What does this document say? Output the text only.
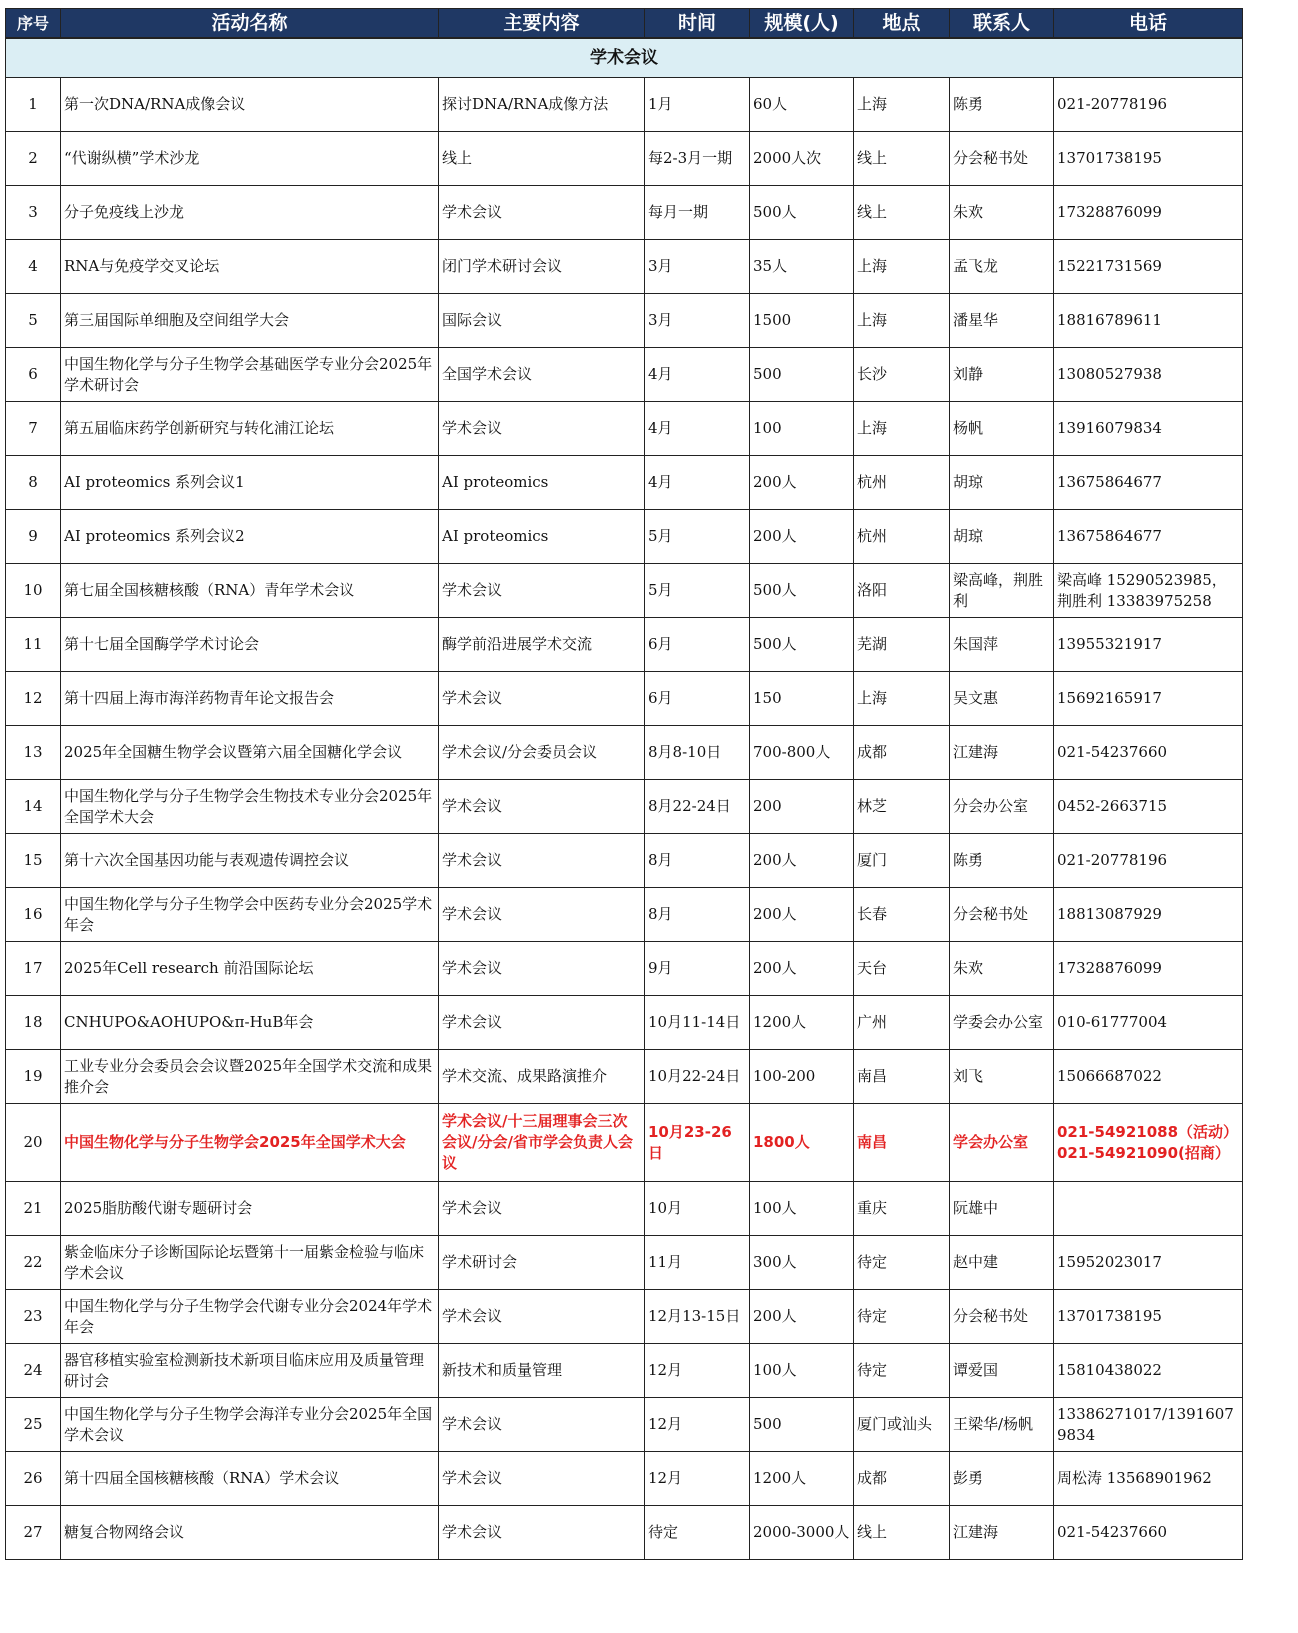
序号	活动名称	主要内容	时间	规模(人)	地点	联系人	电话
学术会议							
1	第一次DNA/RNA成像会议	探讨DNA/RNA成像方法	1月	60人	上海	陈勇	021-20778196
2	“代谢纵横”学术沙龙	线上	每2-3月一期	2000人次	线上	分会秘书处	13701738195
3	分子免疫线上沙龙	学术会议	每月一期	500人	线上	朱欢	17328876099
4	RNA与免疫学交叉论坛	闭门学术研讨会议	3月	35人	上海	孟飞龙	15221731569
5	第三届国际单细胞及空间组学大会	国际会议	3月	1500	上海	潘星华	18816789611
6	中国生物化学与分子生物学会基础医学专业分会2025年学术研讨会	全国学术会议	4月	500	长沙	刘静	13080527938
7	第五届临床药学创新研究与转化浦江论坛	学术会议	4月	100	上海	杨帆	13916079834
8	AI proteomics 系列会议1	AI proteomics	4月	200人	杭州	胡琼	13675864677
9	AI proteomics 系列会议2	AI proteomics	5月	200人	杭州	胡琼	13675864677
10	第七届全国核糖核酸（RNA）青年学术会议	学术会议	5月	500人	洛阳	梁高峰，荆胜利	梁高峰 15290523985，荆胜利 13383975258
11	第十七届全国酶学学术讨论会	酶学前沿进展学术交流	6月	500人	芜湖	朱国萍	13955321917
12	第十四届上海市海洋药物青年论文报告会	学术会议	6月	150	上海	吴文惠	15692165917
13	2025年全国糖生物学会议暨第六届全国糖化学会议	学术会议/分会委员会议	8月8-10日	700-800人	成都	江建海	021-54237660
14	中国生物化学与分子生物学会生物技术专业分会2025年全国学术大会	学术会议	8月22-24日	200	林芝	分会办公室	0452-2663715
15	第十六次全国基因功能与表观遗传调控会议	学术会议	8月	200人	厦门	陈勇	021-20778196
16	中国生物化学与分子生物学会中医药专业分会2025学术年会	学术会议	8月	200人	长春	分会秘书处	18813087929
17	2025年Cell research 前沿国际论坛	学术会议	9月	200人	天台	朱欢	17328876099
18	CNHUPO&AOHUPO&π-HuB年会	学术会议	10月11-14日	1200人	广州	学委会办公室	010-61777004
19	工业专业分会委员会会议暨2025年全国学术交流和成果推介会	学术交流、成果路演推介	10月22-24日	100-200	南昌	刘飞	15066687022
20	中国生物化学与分子生物学会2025年全国学术大会	学术会议/十三届理事会三次会议/分会/省市学会负责人会议	10月23-26日	1800人	南昌	学会办公室	021-54921088（活动）021-54921090(招商）
21	2025脂肪酸代谢专题研讨会	学术会议	10月	100人	重庆	阮雄中	
22	紫金临床分子诊断国际论坛暨第十一届紫金检验与临床学术会议	学术研讨会	11月	300人	待定	赵中建	15952023017
23	中国生物化学与分子生物学会代谢专业分会2024年学术年会	学术会议	12月13-15日	200人	待定	分会秘书处	13701738195
24	器官移植实验室检测新技术新项目临床应用及质量管理研讨会	新技术和质量管理	12月	100人	待定	谭爱国	15810438022
25	中国生物化学与分子生物学会海洋专业分会2025年全国学术会议	学术会议	12月	500	厦门或汕头	王梁华/杨帆	13386271017/13916079834
26	第十四届全国核糖核酸（RNA）学术会议	学术会议	12月	1200人	成都	彭勇	周松涛 13568901962
27	糖复合物网络会议	学术会议	待定	2000-3000人	线上	江建海	021-54237660
